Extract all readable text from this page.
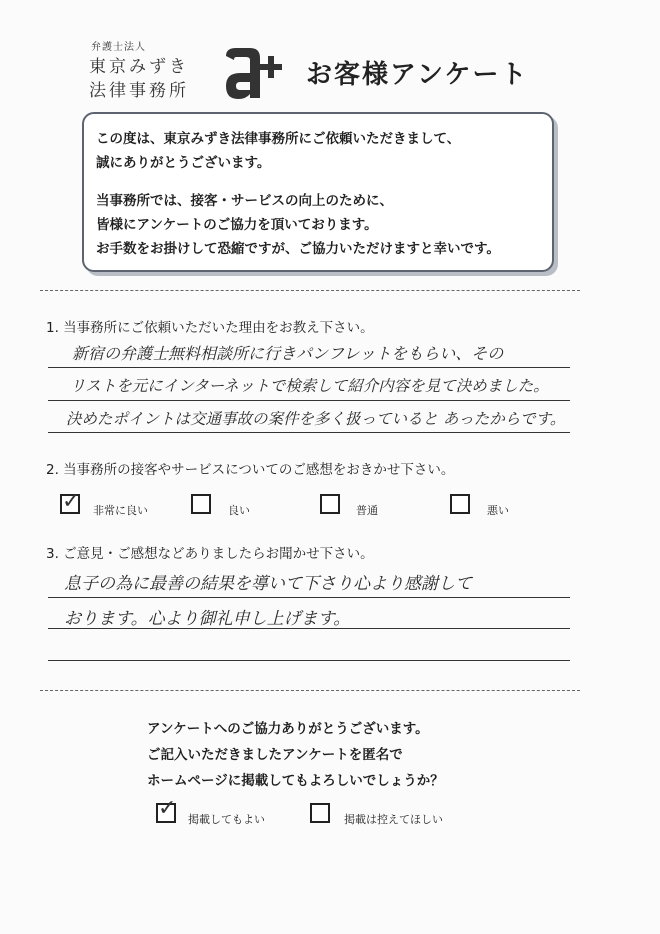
弁護士法人
東京みずき
法律事務所
a+
お客様アンケート
この度は、東京みずき法律事務所にご依頼いただきまして、
誠にありがとうございます。
当事務所では、接客・サービスの向上のために、
皆様にアンケートのご協力を頂いております。
お手数をお掛けして恐縮ですが、ご協力いただけますと幸いです。
1. 当事務所にご依頼いただいた理由をお教え下さい。
新宿の弁護士無料相談所に行きパンフレットをもらい、その
リストを元にインターネットで検索して紹介内容を見て決めました。
決めたポイントは交通事故の案件を多く扱っていると あったからです。
2. 当事務所の接客やサービスについてのご感想をおきかせ下さい。
✓ 非常に良い	良い	普通	悪い
3. ご意見・ご感想などありましたらお聞かせ下さい。
息子の為に最善の結果を導いて下さり心より感謝して
おります。心より御礼申し上げます。
アンケートへのご協力ありがとうございます。
ご記入いただきましたアンケートを匿名で
ホームページに掲載してもよろしいでしょうか？
✓ 掲載してもよい	掲載は控えてほしい
